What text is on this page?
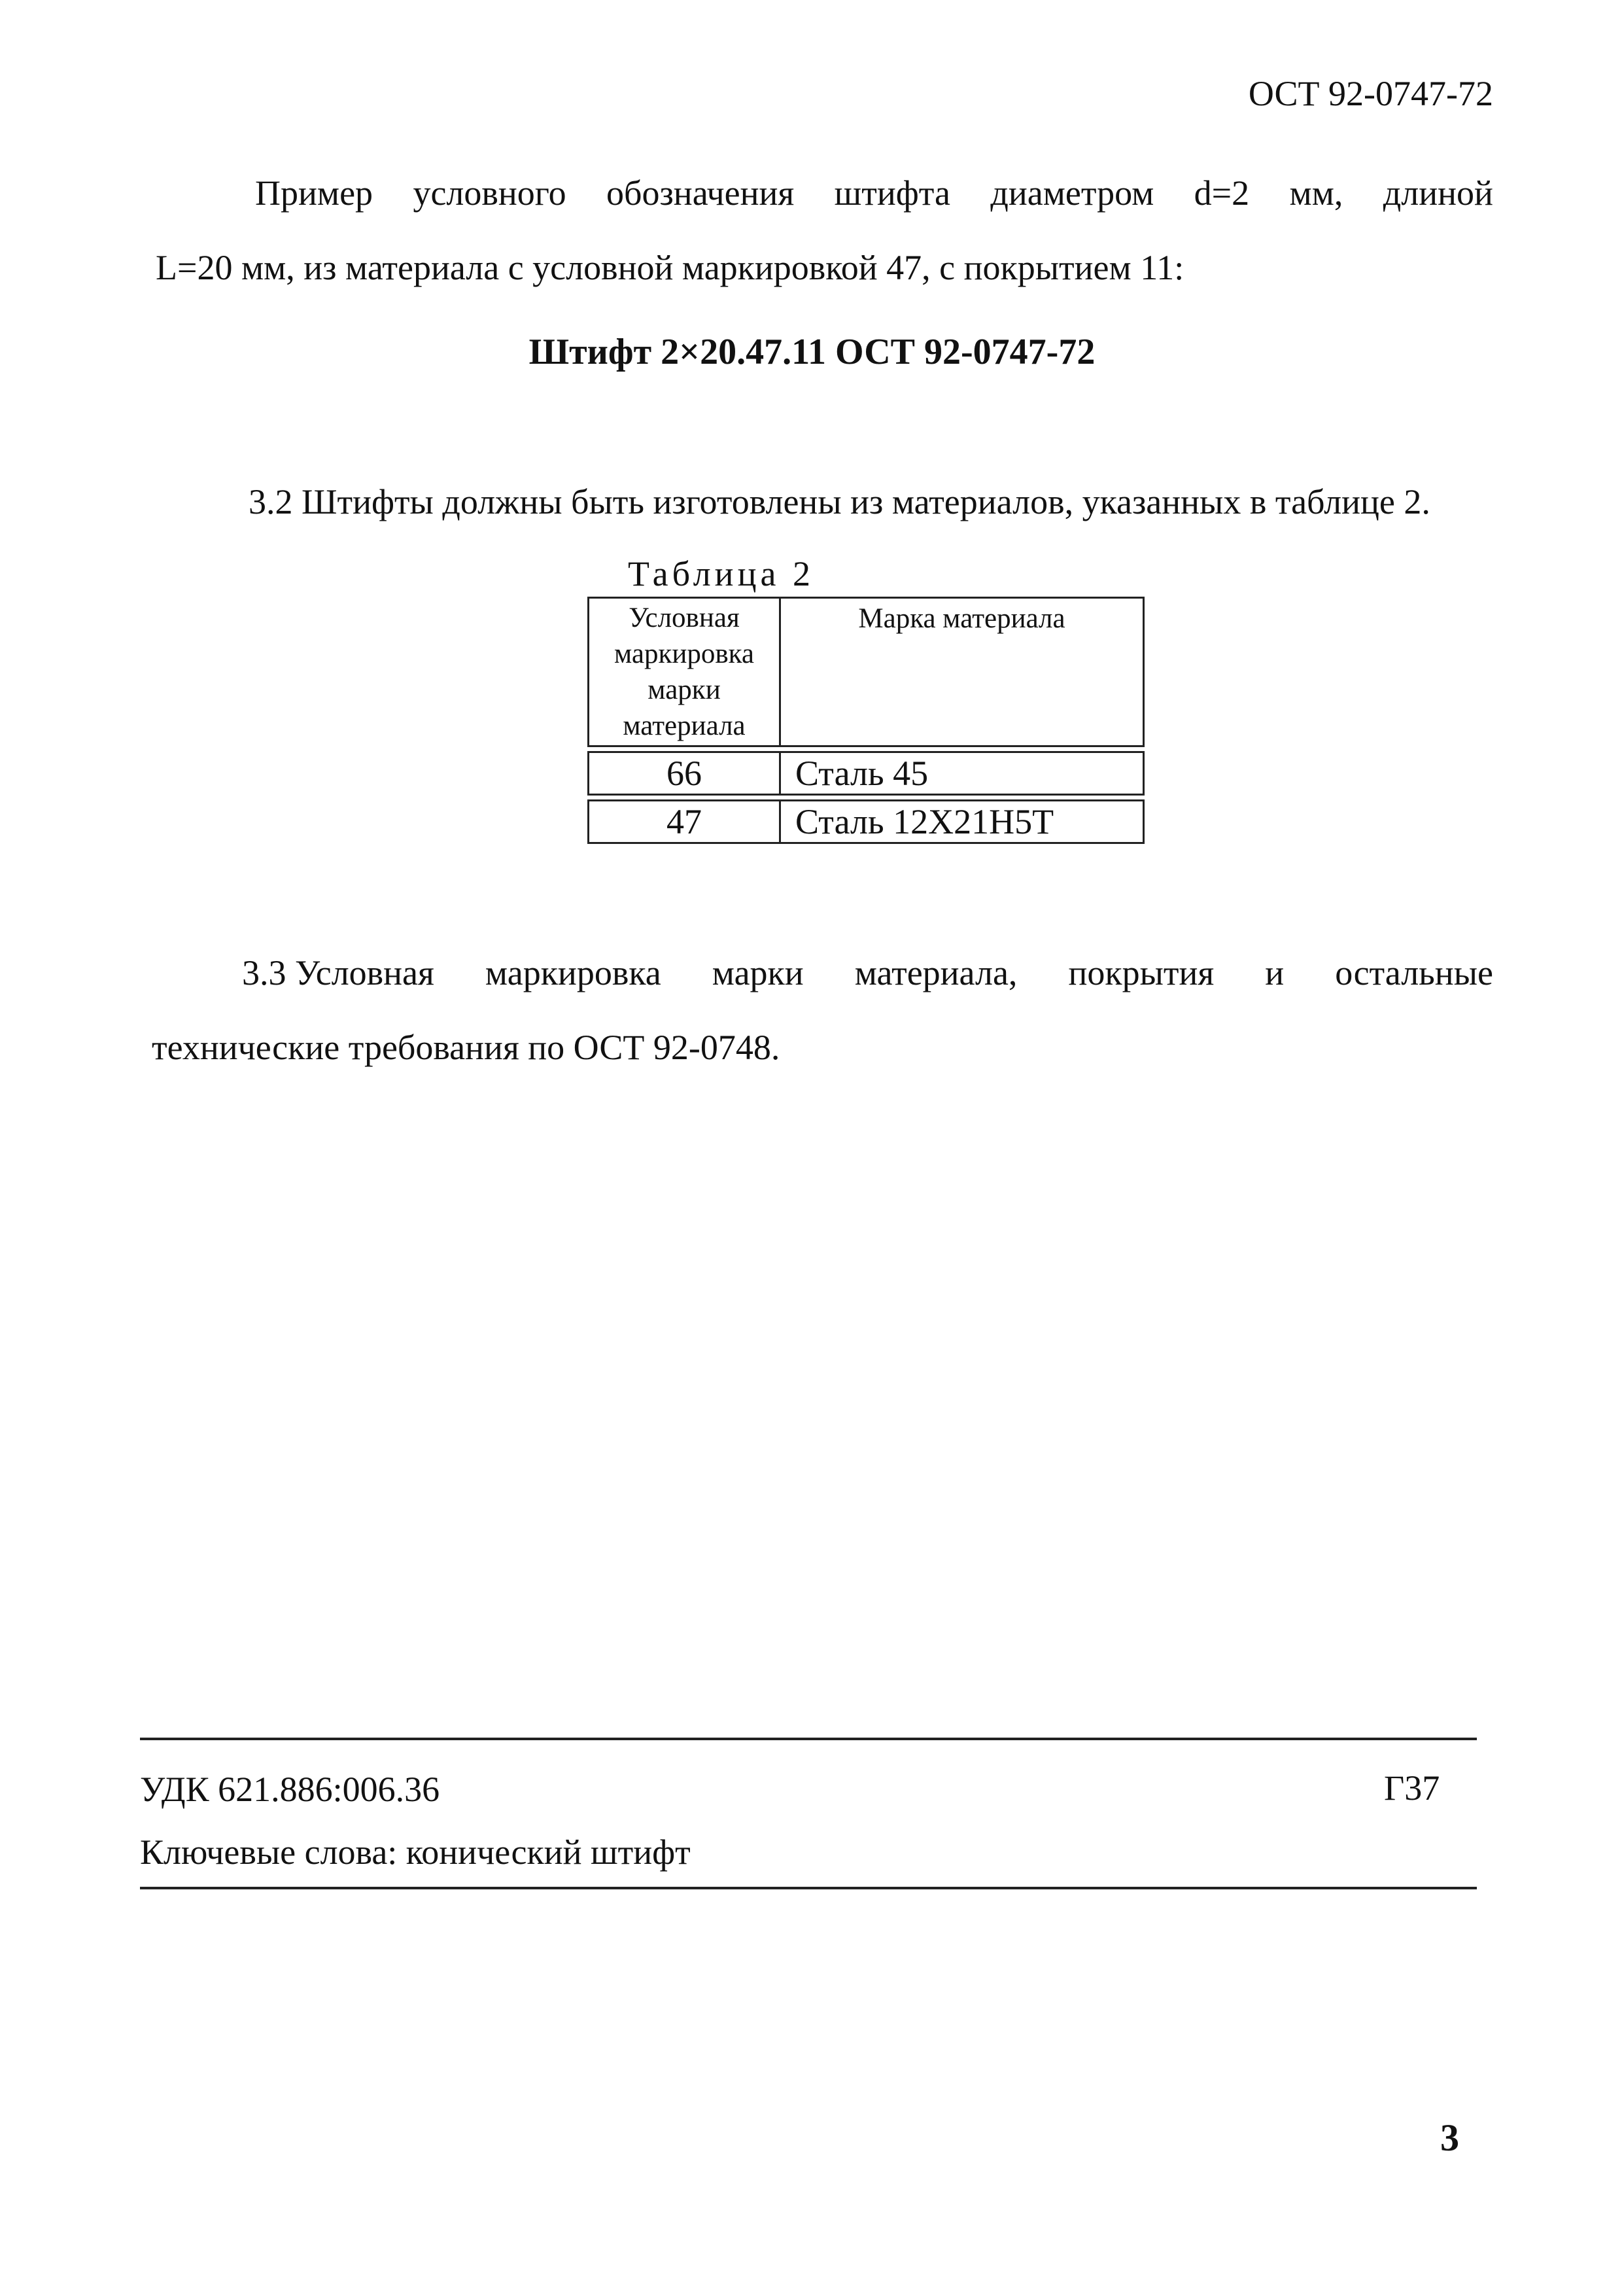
ОСТ 92-0747-72
Пример условного обозначения штифта диаметром d=2 мм, длиной
L=20 мм, из материала с условной маркировкой 47, с покрытием 11:
Штифт 2×20.47.11 ОСТ 92-0747-72
3.2 Штифты должны быть изготовлены из материалов, указанных в таблице 2.
Таблица 2
Условная маркировка марки материала	Марка материала

66	Сталь 45

47	Сталь 12Х21Н5Т
3.3 Условная маркировка марки материала, покрытия и остальные
технические требования по ОСТ 92-0748.
УДК 621.886:006.36	Г37
Ключевые слова: конический штифт
3
